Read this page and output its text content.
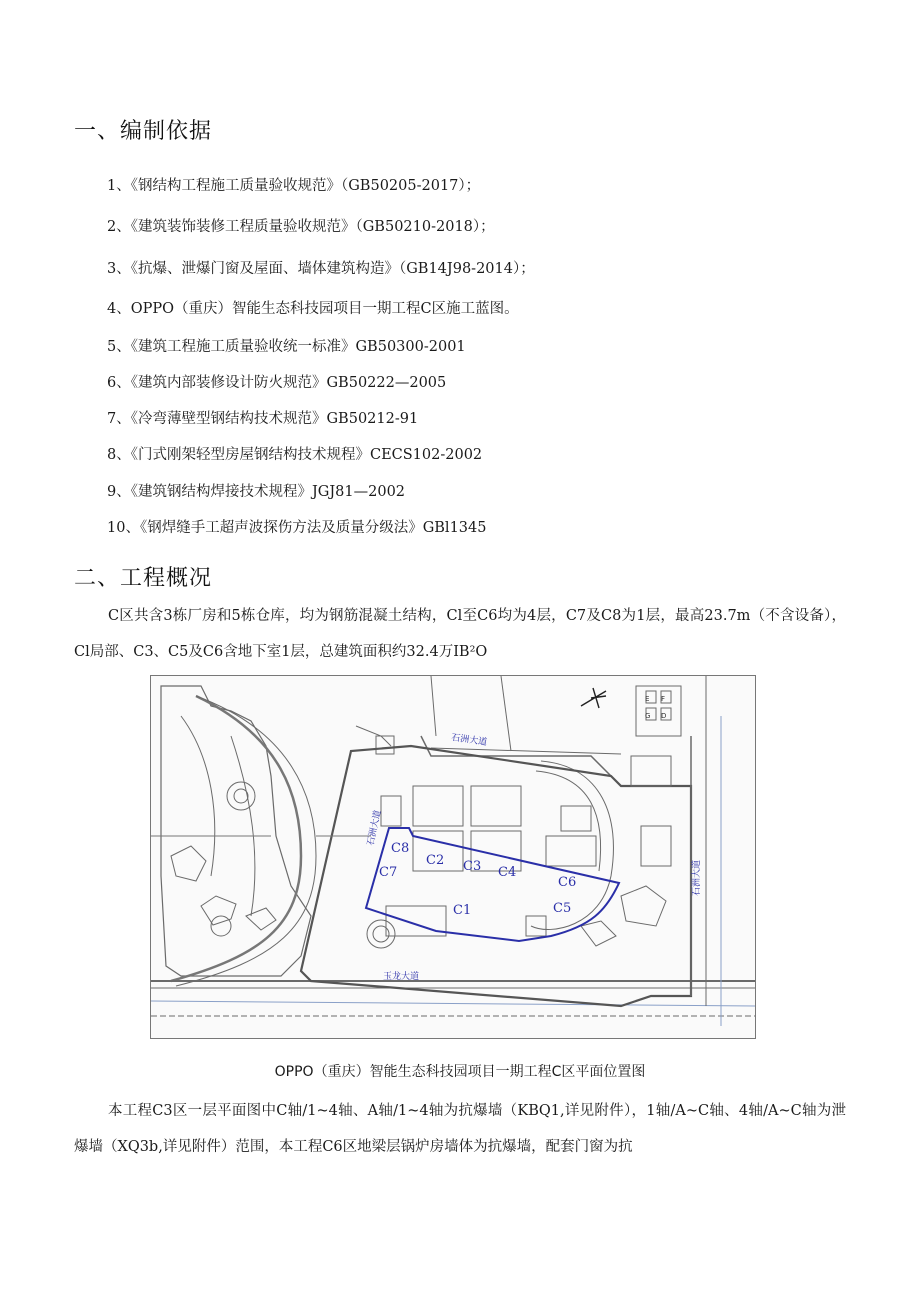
一、编制依据
1、《钢结构工程施工质量验收规范》（GB50205-2017）；
2、《建筑装饰装修工程质量验收规范》（GB50210-2018）；
3、《抗爆、泄爆门窗及屋面、墙体建筑构造》（GB14J98-2014）；
4、OPPO（重庆）智能生态科技园项目一期工程C区施工蓝图。
5、《建筑工程施工质量验收统一标准》GB50300-2001
6、《建筑内部装修设计防火规范》GB50222—2005
7、《冷弯薄壁型钢结构技术规范》GB50212-91
8、《门式刚架轻型房屋钢结构技术规程》CECS102-2002
9、《建筑钢结构焊接技术规程》JGJ81—2002
10、《钢焊缝手工超声波探伤方法及质量分级法》GBl1345
二、工程概况

C区共含3栋厂房和5栋仓库，均为钢筋混凝土结构，Cl至C6均为4层，C7及C8为1层，最高23.7m（不含设备），Cl局部、C3、C5及C6含地下室1层，总建筑面积约32.4万IB²O

E F
G D
C8
C7
C2 C3 C4
C6
C1	C5
石洲大道
石洲大道
石洲大道
玉龙大道
OPPO（重庆）智能生态科技园项目一期工程C区平面位置图

本工程C3区一层平面图中C轴/1~4轴、A轴/1~4轴为抗爆墙（KBQ1,详见附件），1轴/A~C轴、4轴/A~C轴为泄爆墙（XQ3b,详见附件）范围，本工程C6区地梁层锅炉房墙体为抗爆墙，配套门窗为抗
